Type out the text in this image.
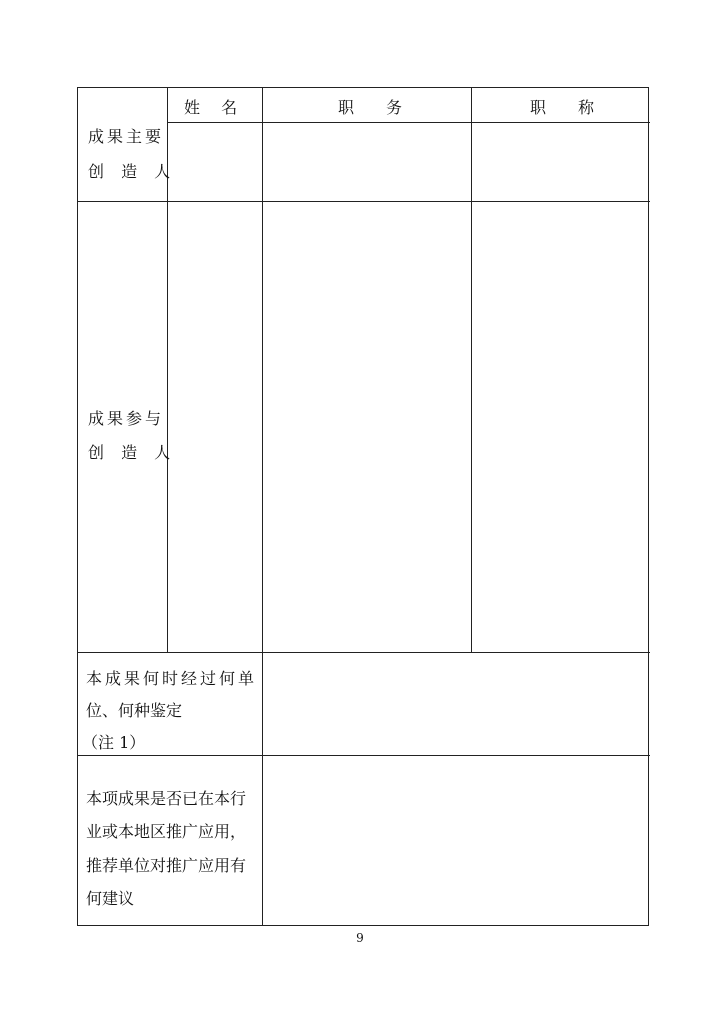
姓　 名	职　　务	职　　称
成果主要
创 造 人
成果参与
创 造 人
本成果何时经过何单
位、何种鉴定
（注 1）
本项成果是否已在本行
业或本地区推广应用，
推荐单位对推广应用有
何建议
9
